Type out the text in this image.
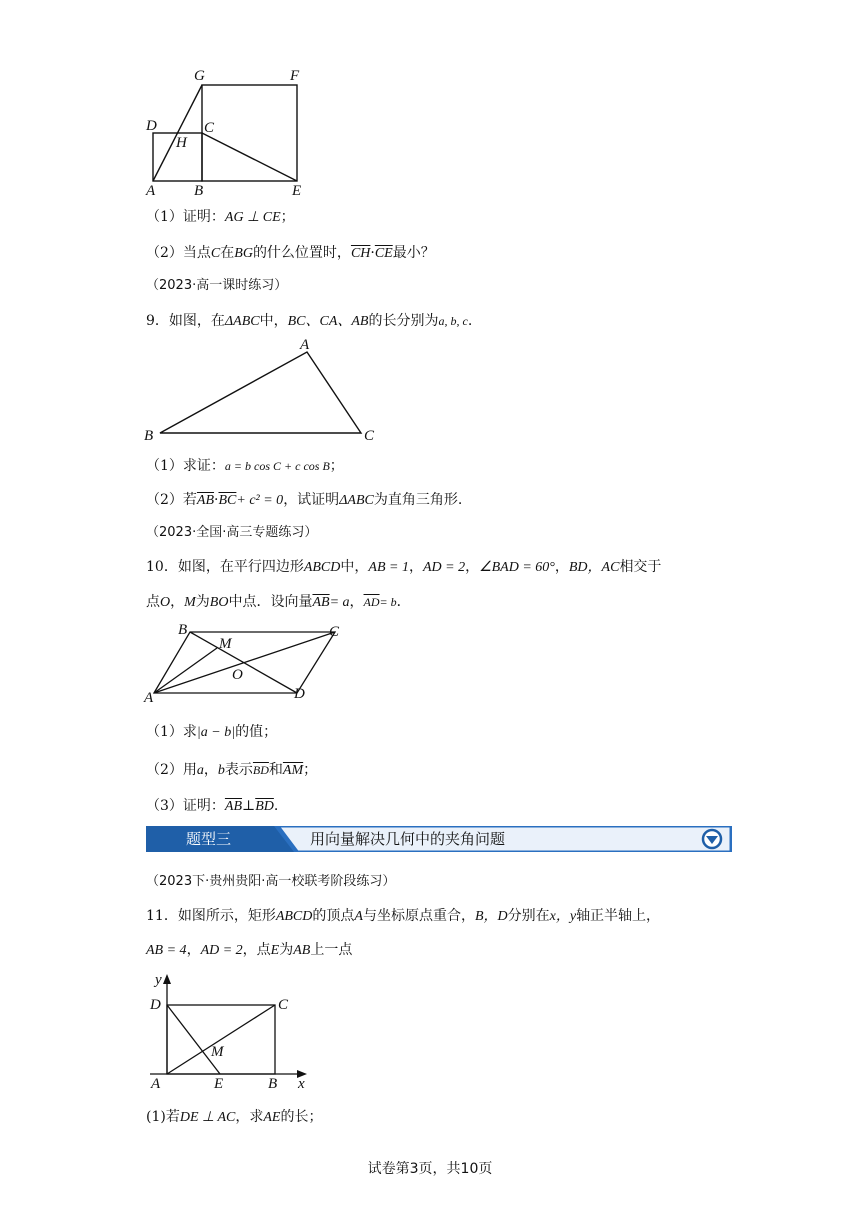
G	F
D	C
H
A	B	E
（1）证明：AG ⊥ CE；
（2）当点C在BG的什么位置时，$\overline{CH}\cdot\overline{CE}$最小？
（2023·高一课时练习）
9．如图，在ΔABC中，BC、CA、AB的长分别为a, b, c.
A
B	C
（1）求证：a = b cos C + c cos B；
（2）若$\overline{AB}\cdot\overline{BC}+ c^2 = 0$，试证明ΔABC为直角三角形.
（2023·全国·高三专题练习）
10．如图，在平行四边形ABCD中，AB = 1，AD = 2，∠BAD = 60°，BD，AC相交于
点O，M为BO中点．设向量$\overline{AB}= a$，$\overline{AD}= b$．
B
M
C
O
A	D
（1）求|a − b|的值；
（2）用a，b表示$\overline{BD}$和$\overline{AM}$；
（3）证明：$\overline{AB}\perp\overline{BD}$.
题型三	用向量解决几何中的夹角问题
（2023下·贵州贵阳·高一校联考阶段练习）
11．如图所示，矩形ABCD的顶点A与坐标原点重合，B，D分别在x，y轴正半轴上，
AB = 4，AD = 2，点E为AB上一点
y
x
D	C
M
A	E	B
(1)若DE ⊥ AC，求AE的长；
试卷第3页，共10页
